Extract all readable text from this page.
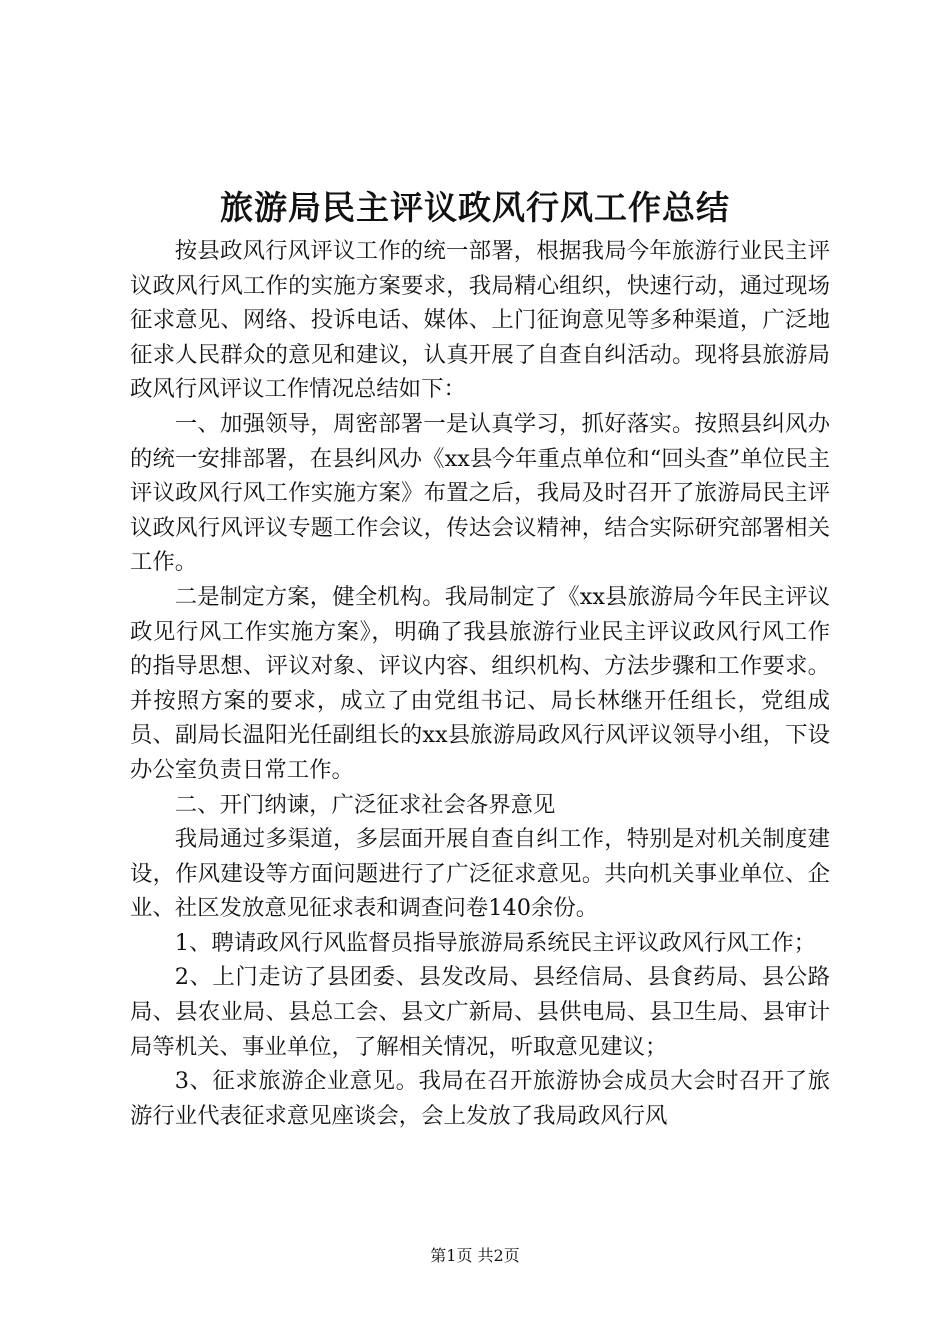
旅游局民主评议政风行风工作总结

按县政风行风评议工作的统一部署，根据我局今年旅游行业民主评议政风行风工作的实施方案要求，我局精心组织，快速行动，通过现场征求意见、网络、投诉电话、媒体、上门征询意见等多种渠道，广泛地征求人民群众的意见和建议，认真开展了自查自纠活动。现将县旅游局政风行风评议工作情况总结如下：

一、加强领导，周密部署一是认真学习，抓好落实。按照县纠风办的统一安排部署，在县纠风办《xx县今年重点单位和“回头查”单位民主评议政风行风工作实施方案》布置之后，我局及时召开了旅游局民主评议政风行风评议专题工作会议，传达会议精神，结合实际研究部署相关工作。

二是制定方案，健全机构。我局制定了《xx县旅游局今年民主评议政见行风工作实施方案》，明确了我县旅游行业民主评议政风行风工作的指导思想、评议对象、评议内容、组织机构、方法步骤和工作要求。并按照方案的要求，成立了由党组书记、局长林继开任组长，党组成员、副局长温阳光任副组长的xx县旅游局政风行风评议领导小组，下设办公室负责日常工作。

二、开门纳谏，广泛征求社会各界意见

我局通过多渠道，多层面开展自查自纠工作，特别是对机关制度建设，作风建设等方面问题进行了广泛征求意见。共向机关事业单位、企业、社区发放意见征求表和调查问卷140余份。

1、聘请政风行风监督员指导旅游局系统民主评议政风行风工作；

2、上门走访了县团委、县发改局、县经信局、县食药局、县公路局、县农业局、县总工会、县文广新局、县供电局、县卫生局、县审计局等机关、事业单位，了解相关情况，听取意见建议；

3、征求旅游企业意见。我局在召开旅游协会成员大会时召开了旅游行业代表征求意见座谈会，会上发放了我局政风行风

第1页 共2页
